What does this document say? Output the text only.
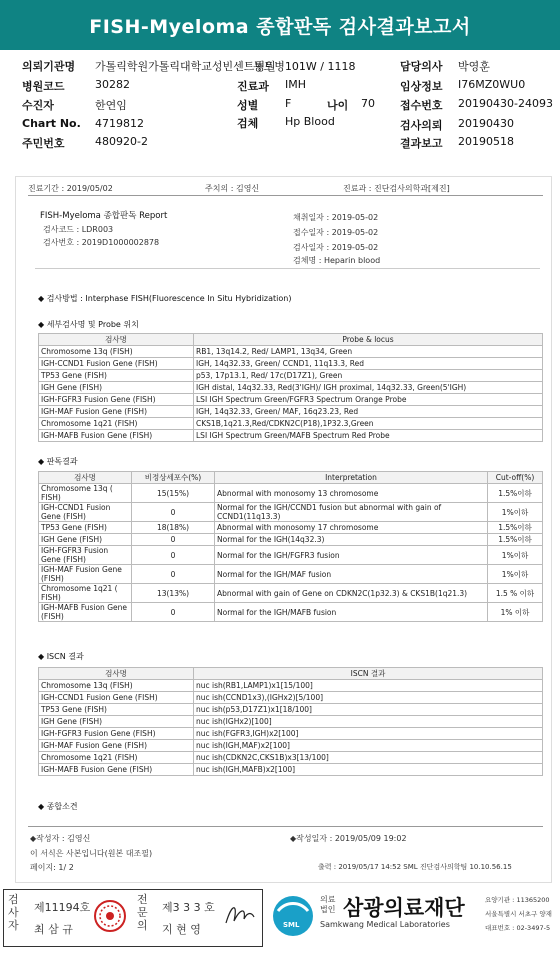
FISH-Myeloma 종합판독 검사결과보고서
의뢰기관명 가톨릭학원가톨릭대학교성빈센트병원
동트병101W / 1118	담당의사 박영훈
병원코드	30282	진료과 IMH	임상정보 I76MZ0WU0
수진자	한연임	성별 F	나이 70 접수번호 20190430-24093
Chart No. 4719812	검체 Hp Blood	검사의뢰 20190430
주민번호	480920-2	결과보고 20190518
진료기간 : 2019/05/02	주치의 : 김영신	진료과 : 진단검사의학과[제진]
FISH-Myeloma 종합판독 Report
검사코드 : LDR003
검사번호 : 2019D1000002878
채취일자 : 2019-05-02
접수일자 : 2019-05-02
검사일자 : 2019-05-02
검체명 : Heparin blood
◆ 검사방법 : Interphase FISH(Fluorescence In Situ Hybridization)
◆ 세부검사명 및 Probe 위치
검사명	Probe & locus
Chromosome 13q (FISH)	RB1, 13q14.2, Red/ LAMP1, 13q34, Green
IGH-CCND1 Fusion Gene (FISH)	IGH, 14q32.33, Green/ CCND1, 11q13.3, Red
TP53 Gene (FISH)	p53, 17p13.1, Red/ 17c(D17Z1), Green
IGH Gene (FISH)	IGH distal, 14q32.33, Red(3'IGH)/ IGH proximal, 14q32.33, Green(5'IGH)
IGH-FGFR3 Fusion Gene (FISH)	LSI IGH Spectrum Green/FGFR3 Spectrum Orange Probe
IGH-MAF Fusion Gene (FISH)	IGH, 14q32.33, Green/ MAF, 16q23.23, Red
Chromosome 1q21 (FISH)	CKS1B,1q21.3,Red/CDKN2C(P18),1P32.3,Green
IGH-MAFB Fusion Gene (FISH)	LSI IGH Spectrum Green/MAFB Spectrum Red Probe
◆ 판독결과
검사명	비정상세포수(%)	Interpretation	Cut-off(%)
Chromosome 13q ( FISH)	15(15%)	Abnormal with monosomy 13 chromosome	1.5%이하
IGH-CCND1 Fusion Gene (FISH)	0	Normal for the IGH/CCND1 fusion but abnormal with gain of CCND1(11q13.3)	1%이하
TP53 Gene (FISH)	18(18%)	Abnormal with monosomy 17 chromosome	1.5%이하
IGH Gene (FISH)	0	Normal for the IGH(14q32.3)	1.5%이하
IGH-FGFR3 Fusion Gene (FISH)	0	Normal for the IGH/FGFR3 fusion	1%이하
IGH-MAF Fusion Gene (FISH)	0	Normal for the IGH/MAF fusion	1%이하
Chromosome 1q21 ( FISH)	13(13%)	Abnormal with gain of Gene on CDKN2C(1p32.3) & CKS1B(1q21.3)	1.5 % 이하
IGH-MAFB Fusion Gene (FISH)	0	Normal for the IGH/MAFB fusion	1% 이하
◆ ISCN 결과
검사명	ISCN 결과
Chromosome 13q (FISH)	nuc ish(RB1,LAMP1)x1[15/100]
IGH-CCND1 Fusion Gene (FISH)	nuc ish(CCND1x3),(IGHx2)[5/100]
TP53 Gene (FISH)	nuc ish(p53,D17Z1)x1[18/100]
IGH Gene (FISH)	nuc ish(IGHx2)[100]
IGH-FGFR3 Fusion Gene (FISH)	nuc ish(FGFR3,IGH)x2[100]
IGH-MAF Fusion Gene (FISH)	nuc ish(IGH,MAF)x2[100]
Chromosome 1q21 (FISH)	nuc ish(CDKN2C,CKS1B)x3[13/100]
IGH-MAFB Fusion Gene (FISH)	nuc ish(IGH,MAFB)x2[100]
◆ 종합소견
◆작성자 : 김영신	◆작성일자 : 2019/05/09 19:02
이 서식은 사본입니다(원본 대조필)
페이지: 1/ 2	출력 : 2019/05/17 14:52 SML 진단검사의학팀 10.10.56.15
검사자
제11194호
최 삼 규
전문의
제3 3 3 호
지 현 영	SML
의료법인 삼광의료재단
Samkwang Medical Laboratories
요양기관 : 11365200
서울특별시 서초구 양재
대표번호 : 02-3497-5
